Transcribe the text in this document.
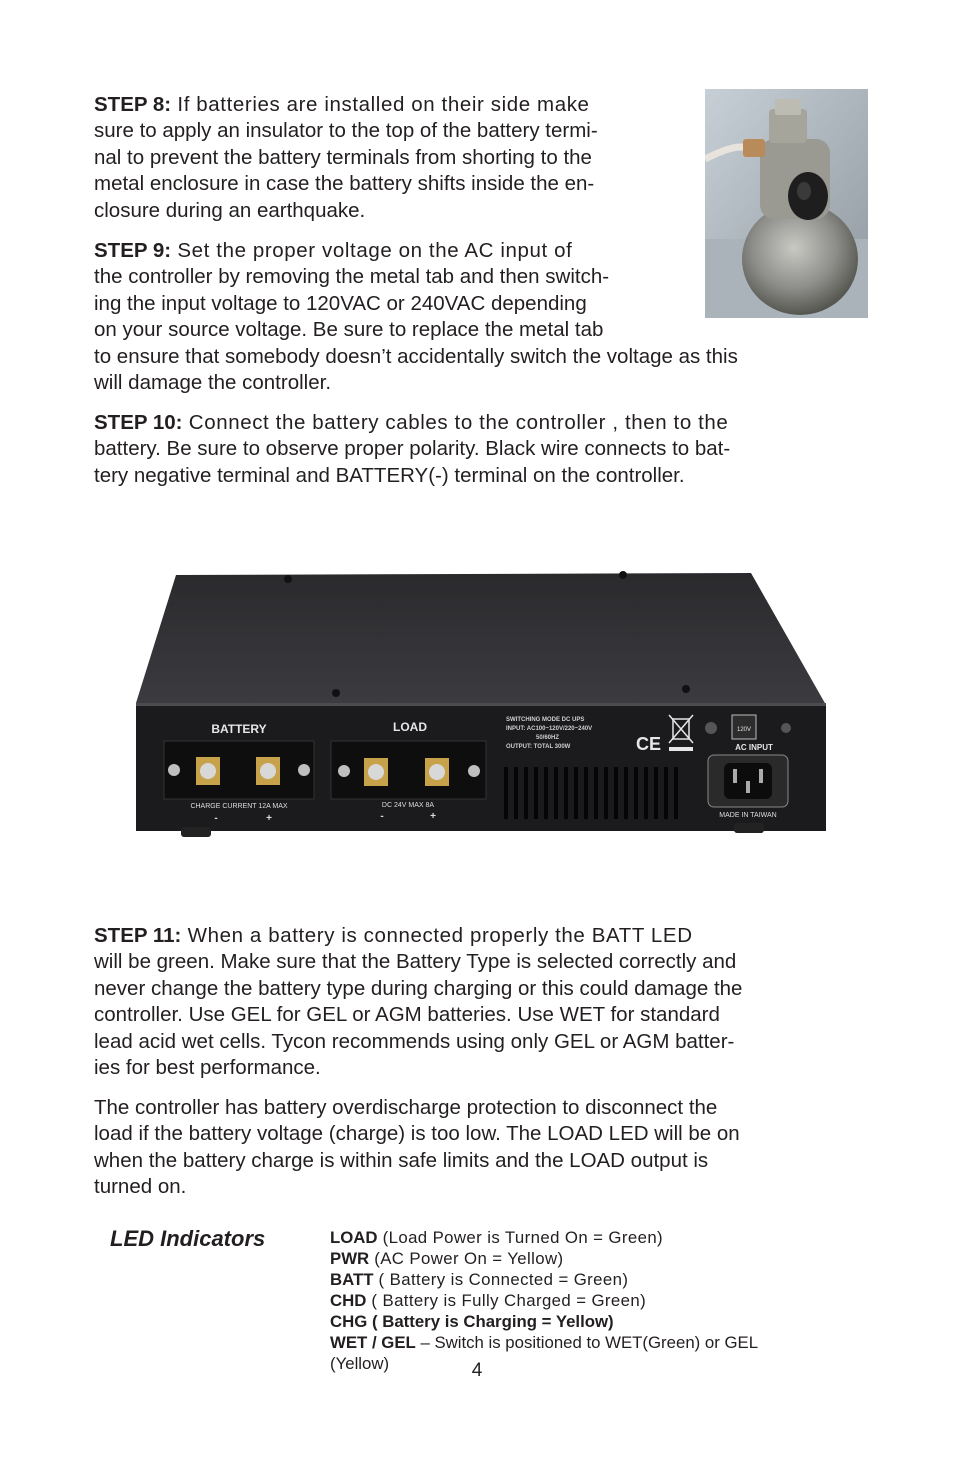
STEP 8: If batteries are installed on their side make
sure to apply an insulator to the top of the battery termi-
nal to prevent the battery terminals from shorting to the
metal enclosure in case the battery shifts inside the en-
closure during an earthquake.

STEP 9: Set the proper voltage on the AC input of
the controller by removing the metal tab and then switch-
ing the input voltage to 120VAC or 240VAC depending
on your source voltage. Be sure to replace the metal tab
to ensure that somebody doesn’t accidentally switch the voltage as this
will damage the controller.

STEP 10: Connect the battery cables to the controller , then to the
battery. Be sure to observe proper polarity. Black wire connects to bat-
tery negative terminal and BATTERY(-) terminal on the controller.

BATTERY
CHARGE CURRENT 12A MAX
-	+
LOAD
DC 24V MAX 8A
-	+
SWITCHING MODE DC UPS
INPUT: AC100~120V/220~240V
50/60HZ
OUTPUT: TOTAL 300W	CE
120V
AC INPUT
MADE IN TAIWAN

STEP 11: When a battery is connected properly the BATT LED
will be green. Make sure that the Battery Type is selected correctly and
never change the battery type during charging or this could damage the
controller. Use GEL for GEL or AGM batteries. Use WET for standard
lead acid wet cells. Tycon recommends using only GEL or AGM batter-
ies for best performance.

The controller has battery overdischarge protection to disconnect the
load if the battery voltage (charge) is too low. The LOAD LED will be on
when the battery charge is within safe limits and the LOAD output is
turned on.

LED Indicators	LOAD (Load Power is Turned On = Green)
PWR (AC Power On = Yellow)
BATT ( Battery is Connected = Green)
CHD ( Battery is Fully Charged = Green)
CHG ( Battery is Charging = Yellow)
WET / GEL – Switch is positioned to WET(Green) or GEL
(Yellow)	4
